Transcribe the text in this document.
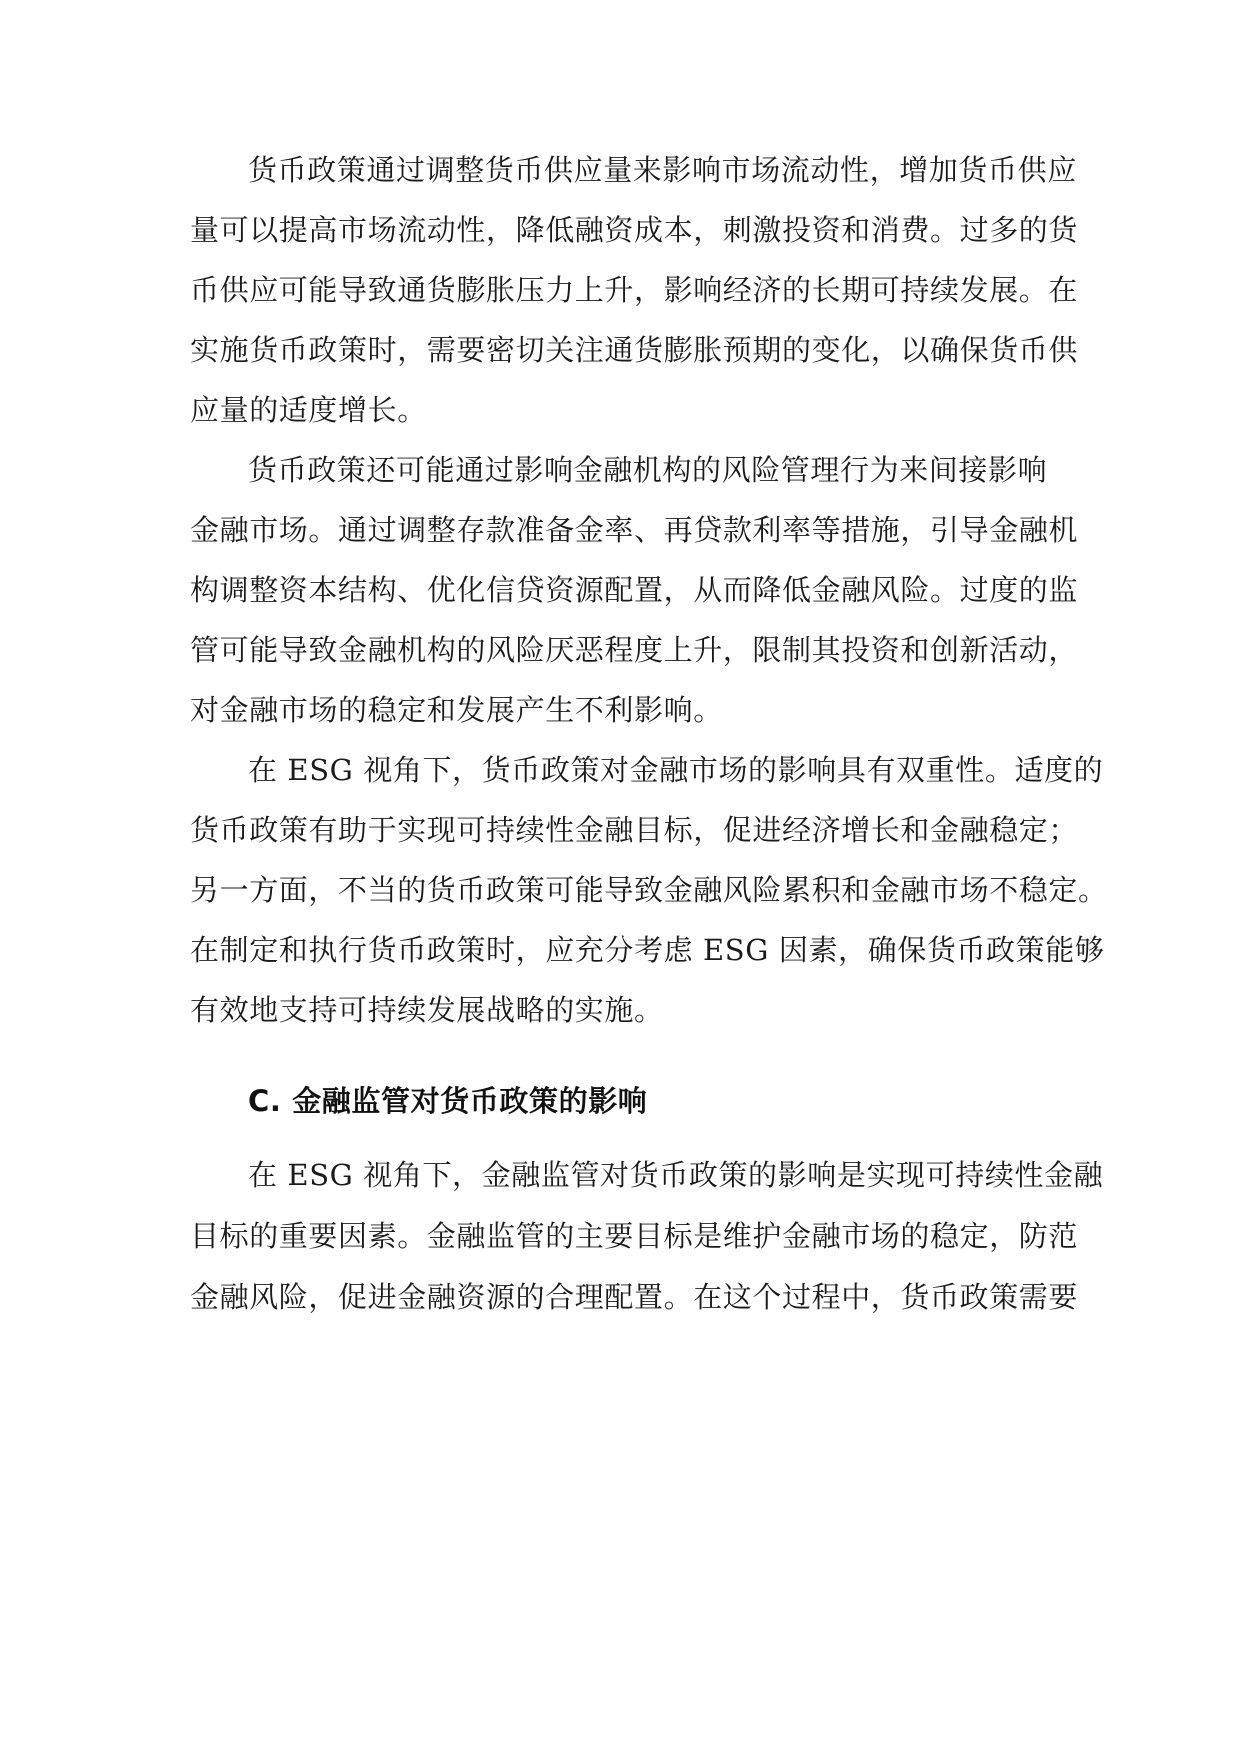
货币政策通过调整货币供应量来影响市场流动性，增加货币供应
量可以提高市场流动性，降低融资成本，刺激投资和消费。过多的货
币供应可能导致通货膨胀压力上升，影响经济的长期可持续发展。在
实施货币政策时，需要密切关注通货膨胀预期的变化，以确保货币供
应量的适度增长。
货币政策还可能通过影响金融机构的风险管理行为来间接影响
金融市场。通过调整存款准备金率、再贷款利率等措施，引导金融机
构调整资本结构、优化信贷资源配置，从而降低金融风险。过度的监
管可能导致金融机构的风险厌恶程度上升，限制其投资和创新活动，
对金融市场的稳定和发展产生不利影响。
在 ESG 视角下，货币政策对金融市场的影响具有双重性。适度的
货币政策有助于实现可持续性金融目标，促进经济增长和金融稳定；
另一方面，不当的货币政策可能导致金融风险累积和金融市场不稳定。
在制定和执行货币政策时，应充分考虑 ESG 因素，确保货币政策能够
有效地支持可持续发展战略的实施。
C. 金融监管对货币政策的影响
在 ESG 视角下，金融监管对货币政策的影响是实现可持续性金融
目标的重要因素。金融监管的主要目标是维护金融市场的稳定，防范
金融风险，促进金融资源的合理配置。在这个过程中，货币政策需要
